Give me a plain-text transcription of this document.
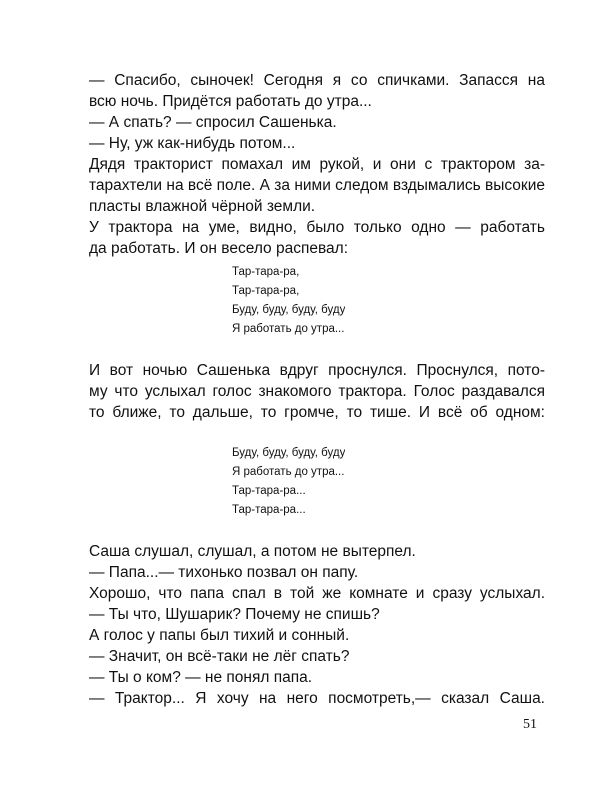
— Спасибо, сыночек! Сегодня я со спичками. Запасся на
всю ночь. Придётся работать до утра...
— А спать? — спросил Сашенька.
— Ну, уж как-нибудь потом...
Дядя тракторист помахал им рукой, и они с трактором за-
тарахтели на всё поле. А за ними следом вздымались высокие
пласты влажной чёрной земли.
У трактора на уме, видно, было только одно — работать
да работать. И он весело распевал:
Тар-тара-ра,
Тар-тара-ра,
Буду, буду, буду, буду
Я работать до утра...
И вот ночью Сашенька вдруг проснулся. Проснулся, пото-
му что услыхал голос знакомого трактора. Голос раздавался
то ближе, то дальше, то громче, то тише. И всё об одном:
Буду, буду, буду, буду
Я работать до утра...
Тар-тара-ра...
Тар-тара-ра...
Саша слушал, слушал, а потом не вытерпел.
— Папа...— тихонько позвал он папу.
Хорошо, что папа спал в той же комнате и сразу услыхал.
— Ты что, Шушарик? Почему не спишь?
А голос у папы был тихий и сонный.
— Значит, он всё-таки не лёг спать?
— Ты о ком? — не понял папа.
— Трактор... Я хочу на него посмотреть,— сказал Саша.
51
